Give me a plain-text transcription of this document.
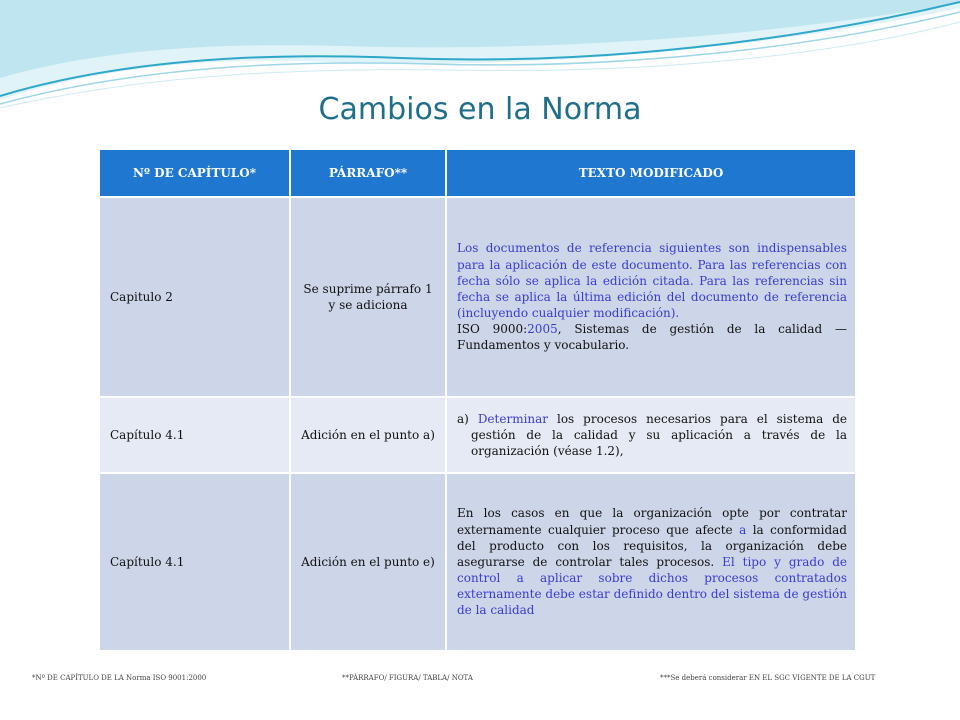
Cambios en la Norma
Nº DE CAPÍTULO*	PÁRRAFO**	TEXTO MODIFICADO
Capitulo 2	Se suprime párrafo 1 y se adiciona	Los documentos de referencia siguientes son indispensables para la aplicación de este documento. Para las referencias con fecha sólo se aplica la edición citada. Para las referencias sin fecha se aplica la última edición del documento de referencia (incluyendo cualquier modificación).
ISO 9000:2005, Sistemas de gestión de la calidad — Fundamentos y vocabulario.

Capítulo 4.1	Adición en el punto a)	a) Determinar los procesos necesarios para el sistema de gestión de la calidad y su aplicación a través de la organización (véase 1.2),

Capítulo 4.1	Adición en el punto e)	En los casos en que la organización opte por contratar externamente cualquier proceso que afecte a la conformidad del producto con los requisitos, la organización debe asegurarse de controlar tales procesos. El tipo y grado de control a aplicar sobre dichos procesos contratados externamente debe estar definido dentro del sistema de gestión de la calidad
*Nº DE CAPÍTULO DE LA Norma ISO 9001:2000	**PÁRRAFO/ FIGURA/ TABLA/ NOTA	***Se deberá considerar EN EL SGC VIGENTE DE LA CGUT
